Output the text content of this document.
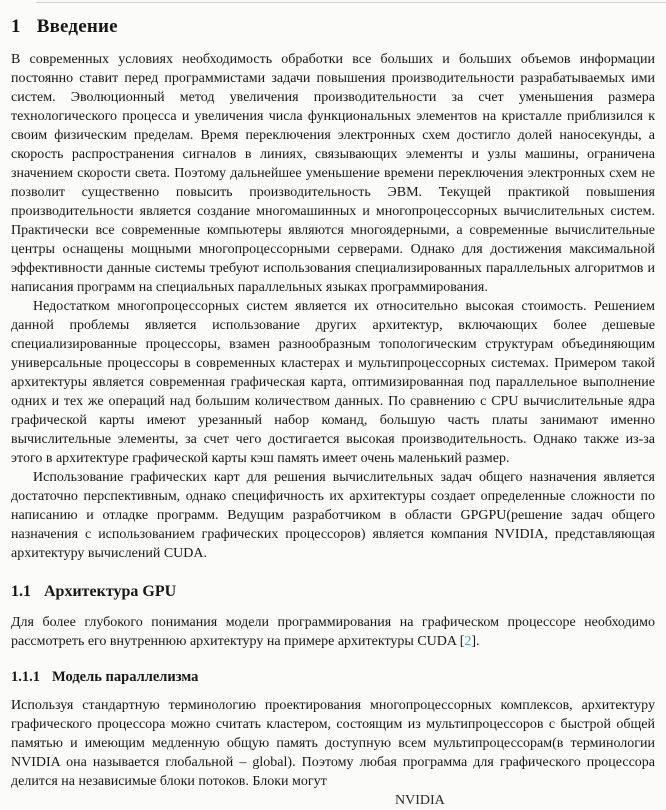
1 Введение

В современных условиях необходимость обработки все больших и больших объемов информации постоянно ставит перед программистами задачи повышения производительности разрабатываемых ими систем. Эволюционный метод увеличения производительности за счет уменьшения размера технологического процесса и увеличения числа функциональных элементов на кристалле приблизился к своим физическим пределам. Время переключения электронных схем достигло долей наносекунды, а скорость распространения сигналов в линиях, связывающих элементы и узлы машины, ограничена значением скорости света. Поэтому дальнейшее уменьшение времени переключения электронных схем не позволит существенно повысить производительность ЭВМ. Текущей практикой повышения производительности является создание многомашинных и многопроцессорных вычислительных систем. Практически все современные компьютеры являются многоядерными, а современные вычислительные центры оснащены мощными многопроцессорными серверами. Однако для достижения максимальной эффективности данные системы требуют использования специализированных параллельных алгоритмов и написания программ на специальных параллельных языках программирования.

Недостатком многопроцессорных систем является их относительно высокая стоимость. Решением данной проблемы является использование других архитектур, включающих более дешевые специализированные процессоры, взамен разнообразным топологическим структурам объединяющим универсальные процессоры в современных кластерах и мультипроцессорных системах. Примером такой архитектуры является современная графическая карта, оптимизированная под параллельное выполнение одних и тех же операций над большим количеством данных. По сравнению с CPU вычислительные ядра графической карты имеют урезанный набор команд, большую часть платы занимают именно вычислительные элементы, за счет чего достигается высокая производительность. Однако также из-за этого в архитектуре графической карты кэш память имеет очень маленький размер.

Использование графических карт для решения вычислительных задач общего назначения является достаточно перспективным, однако специфичность их архитектуры создает определенные сложности по написанию и отладке программ. Ведущим разработчиком в области GPGPU(решение задач общего назначения с использованием графических процессоров) является компания NVIDIA, представляющая архитектуру вычислений CUDA.

1.1 Архитектура GPU

Для более глубокого понимания модели программирования на графическом процессоре необходимо рассмотреть его внутреннюю архитектуру на примере архитектуры CUDA [2].

1.1.1 Модель параллелизма

Используя стандартную терминологию проектирования многопроцессорных комплексов, архитектуру графического процессора можно считать кластером, состоящим из мультипроцессоров с быстрой общей памятью и имеющим медленную общую память доступную всем мультипроцессорам(в терминологии NVIDIA она называется глобальной – global). Поэтому любая программа для графического процессора делится на независимые блоки потоков. Блоки могут

NVIDIA
